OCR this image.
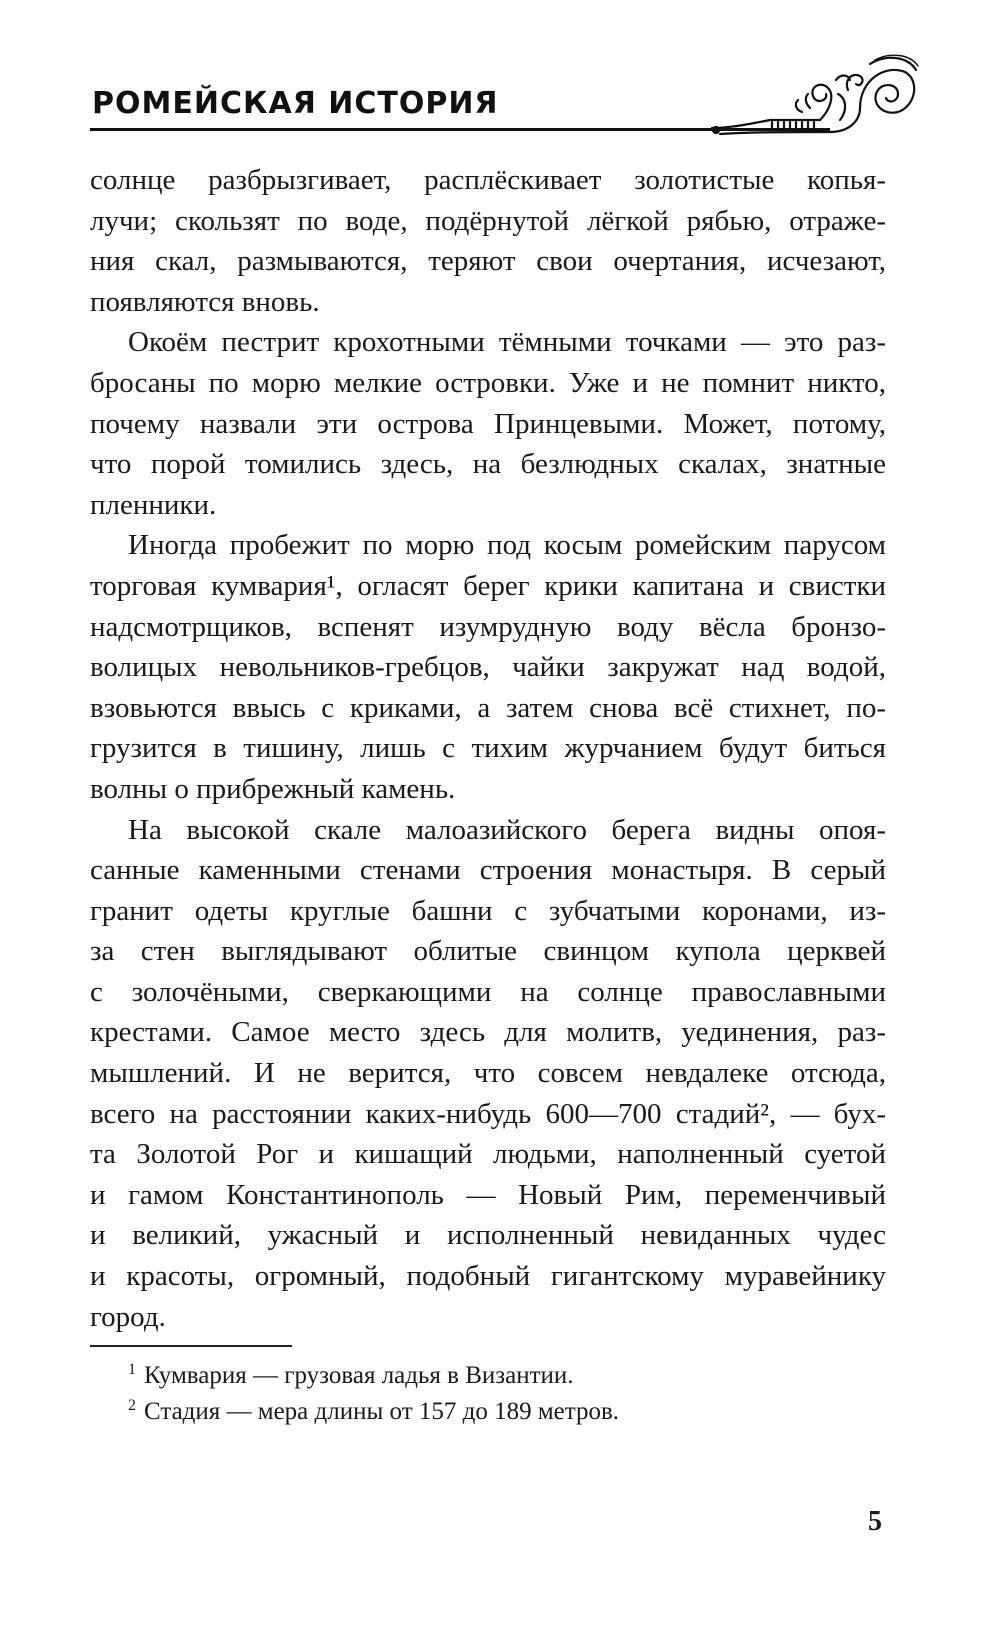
РОМЕЙСКАЯ ИСТОРИЯ
солнце разбрызгивает, расплёскивает золотистые копья-
лучи; скользят по воде, подёрнутой лёгкой рябью, отраже-
ния скал, размываются, теряют свои очертания, исчезают,
появляются вновь.
Окоём пестрит крохотными тёмными точками — это раз-
бросаны по морю мелкие островки. Уже и не помнит никто,
почему назвали эти острова Принцевыми. Может, потому,
что порой томились здесь, на безлюдных скалах, знатные
пленники.
Иногда пробежит по морю под косым ромейским парусом
торговая кумвария¹, огласят берег крики капитана и свистки
надсмотрщиков, вспенят изумрудную воду вёсла бронзо-
волицых невольников-гребцов, чайки закружат над водой,
взовьются ввысь с криками, а затем снова всё стихнет, по-
грузится в тишину, лишь с тихим журчанием будут биться
волны о прибрежный камень.
На высокой скале малоазийского берега видны опоя-
санные каменными стенами строения монастыря. В серый
гранит одеты круглые башни с зубчатыми коронами, из-
за стен выглядывают облитые свинцом купола церквей
с золочёными, сверкающими на солнце православными
крестами. Самое место здесь для молитв, уединения, раз-
мышлений. И не верится, что совсем невдалеке отсюда,
всего на расстоянии каких-нибудь 600—700 стадий², — бух-
та Золотой Рог и кишащий людьми, наполненный суетой
и гамом Константинополь — Новый Рим, переменчивый
и великий, ужасный и исполненный невиданных чудес
и красоты, огромный, подобный гигантскому муравейнику
город.
$^1$ Кумвария — грузовая ладья в Византии.
$^2$ Стадия — мера длины от 157 до 189 метров.
5
